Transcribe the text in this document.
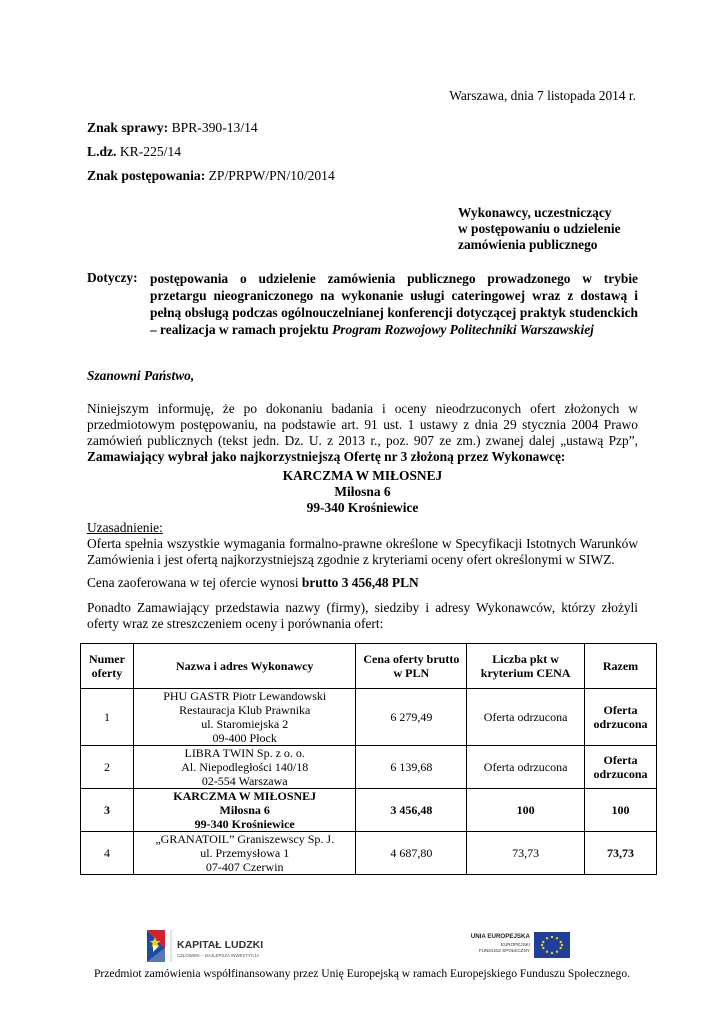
Warszawa, dnia 7 listopada 2014 r.
Znak sprawy: BPR-390-13/14
L.dz. KR-225/14
Znak postępowania: ZP/PRPW/PN/10/2014
Wykonawcy, uczestniczący
w postępowaniu o udzielenie
zamówienia publicznego
Dotyczy: postępowania o udzielenie zamówienia publicznego prowadzonego w trybie przetargu nieograniczonego na wykonanie usługi cateringowej wraz z dostawą i pełną obsługą podczas ogólnouczelnianej konferencji dotyczącej praktyk studenckich – realizacja w ramach projektu Program Rozwojowy Politechniki Warszawskiej
Szanowni Państwo,
Niniejszym informuję, że po dokonaniu badania i oceny nieodrzuconych ofert złożonych w przedmiotowym postępowaniu, na podstawie art. 91 ust. 1 ustawy z dnia 29 stycznia 2004 Prawo zamówień publicznych (tekst jedn. Dz. U. z 2013 r., poz. 907 ze zm.) zwanej dalej „ustawą Pzp”, Zamawiający wybrał jako najkorzystniejszą Ofertę nr 3 złożoną przez Wykonawcę:
KARCZMA W MIŁOSNEJ
Miłosna 6
99-340 Krośniewice
Uzasadnienie:
Oferta spełnia wszystkie wymagania formalno-prawne określone w Specyfikacji Istotnych Warunków Zamówienia i jest ofertą najkorzystniejszą zgodnie z kryteriami oceny ofert określonymi w SIWZ.
Cena zaoferowana w tej ofercie wynosi brutto 3 456,48 PLN
Ponadto Zamawiający przedstawia nazwy (firmy), siedziby i adresy Wykonawców, którzy złożyli oferty wraz ze streszczeniem oceny i porównania ofert:
Numer oferty	Nazwa i adres Wykonawcy	Cena oferty brutto w PLN	Liczba pkt w kryterium CENA	Razem
1	PHU GASTR Piotr Lewandowski
Restauracja Klub Prawnika
ul. Staromiejska 2
09-400 Płock	6 279,49	Oferta odrzucona	Oferta odrzucona
2	LIBRA TWIN Sp. z o. o.
Al. Niepodległości 140/18
02-554 Warszawa	6 139,68	Oferta odrzucona	Oferta odrzucona
3	KARCZMA W MIŁOSNEJ
Miłosna 6
99-340 Krośniewice	3 456,48	100	100
4	„GRANATOIL” Graniszewscy Sp. J.
ul. Przemysłowa 1
07-407 Czerwin	4 687,80	73,73	73,73
KAPITAŁ LUDZKI
CZŁOWIEK – NAJLEPSZA INWESTYCJA
UNIA EUROPEJSKA
EUROPEJSKI
FUNDUSZ SPOŁECZNY
Przedmiot zamówienia współfinansowany przez Unię Europejską w ramach Europejskiego Funduszu Społecznego.
